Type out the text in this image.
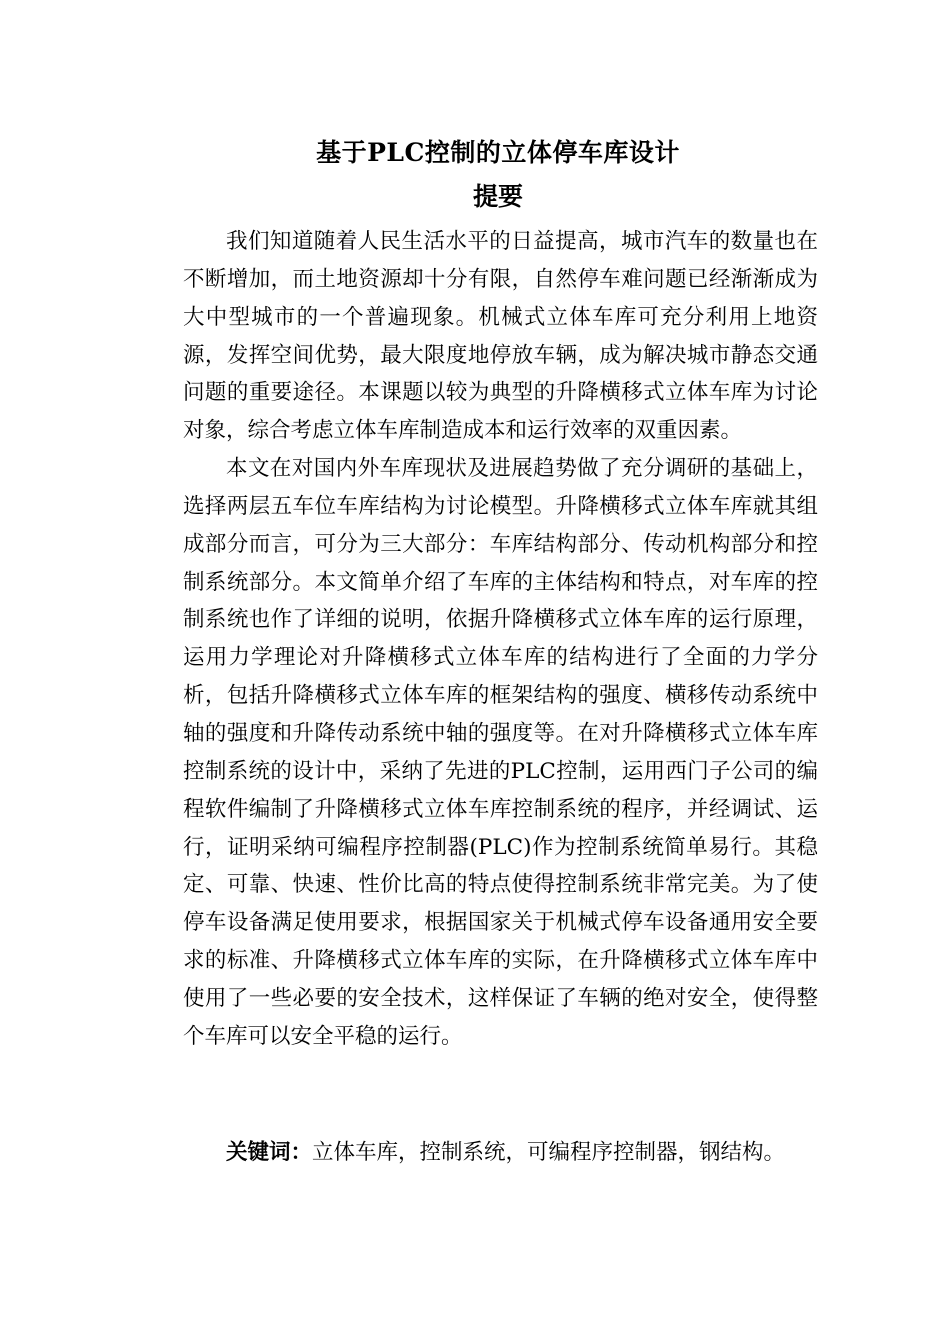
基于PLC控制的立体停车库设计
提要

我们知道随着人民生活水平的日益提高，城市汽车的数量也在不断增加，而土地资源却十分有限，自然停车难问题已经渐渐成为大中型城市的一个普遍现象。机械式立体车库可充分利用上地资源，发挥空间优势，最大限度地停放车辆，成为解决城市静态交通问题的重要途径。本课题以较为典型的升降横移式立体车库为讨论对象，综合考虑立体车库制造成本和运行效率的双重因素。

本文在对国内外车库现状及进展趋势做了充分调研的基础上，选择两层五车位车库结构为讨论模型。升降横移式立体车库就其组成部分而言，可分为三大部分：车库结构部分、传动机构部分和控制系统部分。本文简单介绍了车库的主体结构和特点，对车库的控制系统也作了详细的说明，依据升降横移式立体车库的运行原理，运用力学理论对升降横移式立体车库的结构进行了全面的力学分析，包括升降横移式立体车库的框架结构的强度、横移传动系统中轴的强度和升降传动系统中轴的强度等。在对升降横移式立体车库控制系统的设计中，采纳了先进的PLC控制，运用西门子公司的编程软件编制了升降横移式立体车库控制系统的程序，并经调试、运行，证明采纳可编程序控制器(PLC)作为控制系统简单易行。其稳定、可靠、快速、性价比高的特点使得控制系统非常完美。为了使停车设备满足使用要求，根据国家关于机械式停车设备通用安全要求的标准、升降横移式立体车库的实际，在升降横移式立体车库中使用了一些必要的安全技术，这样保证了车辆的绝对安全，使得整个车库可以安全平稳的运行。

关键词：立体车库，控制系统，可编程序控制器，钢结构。
